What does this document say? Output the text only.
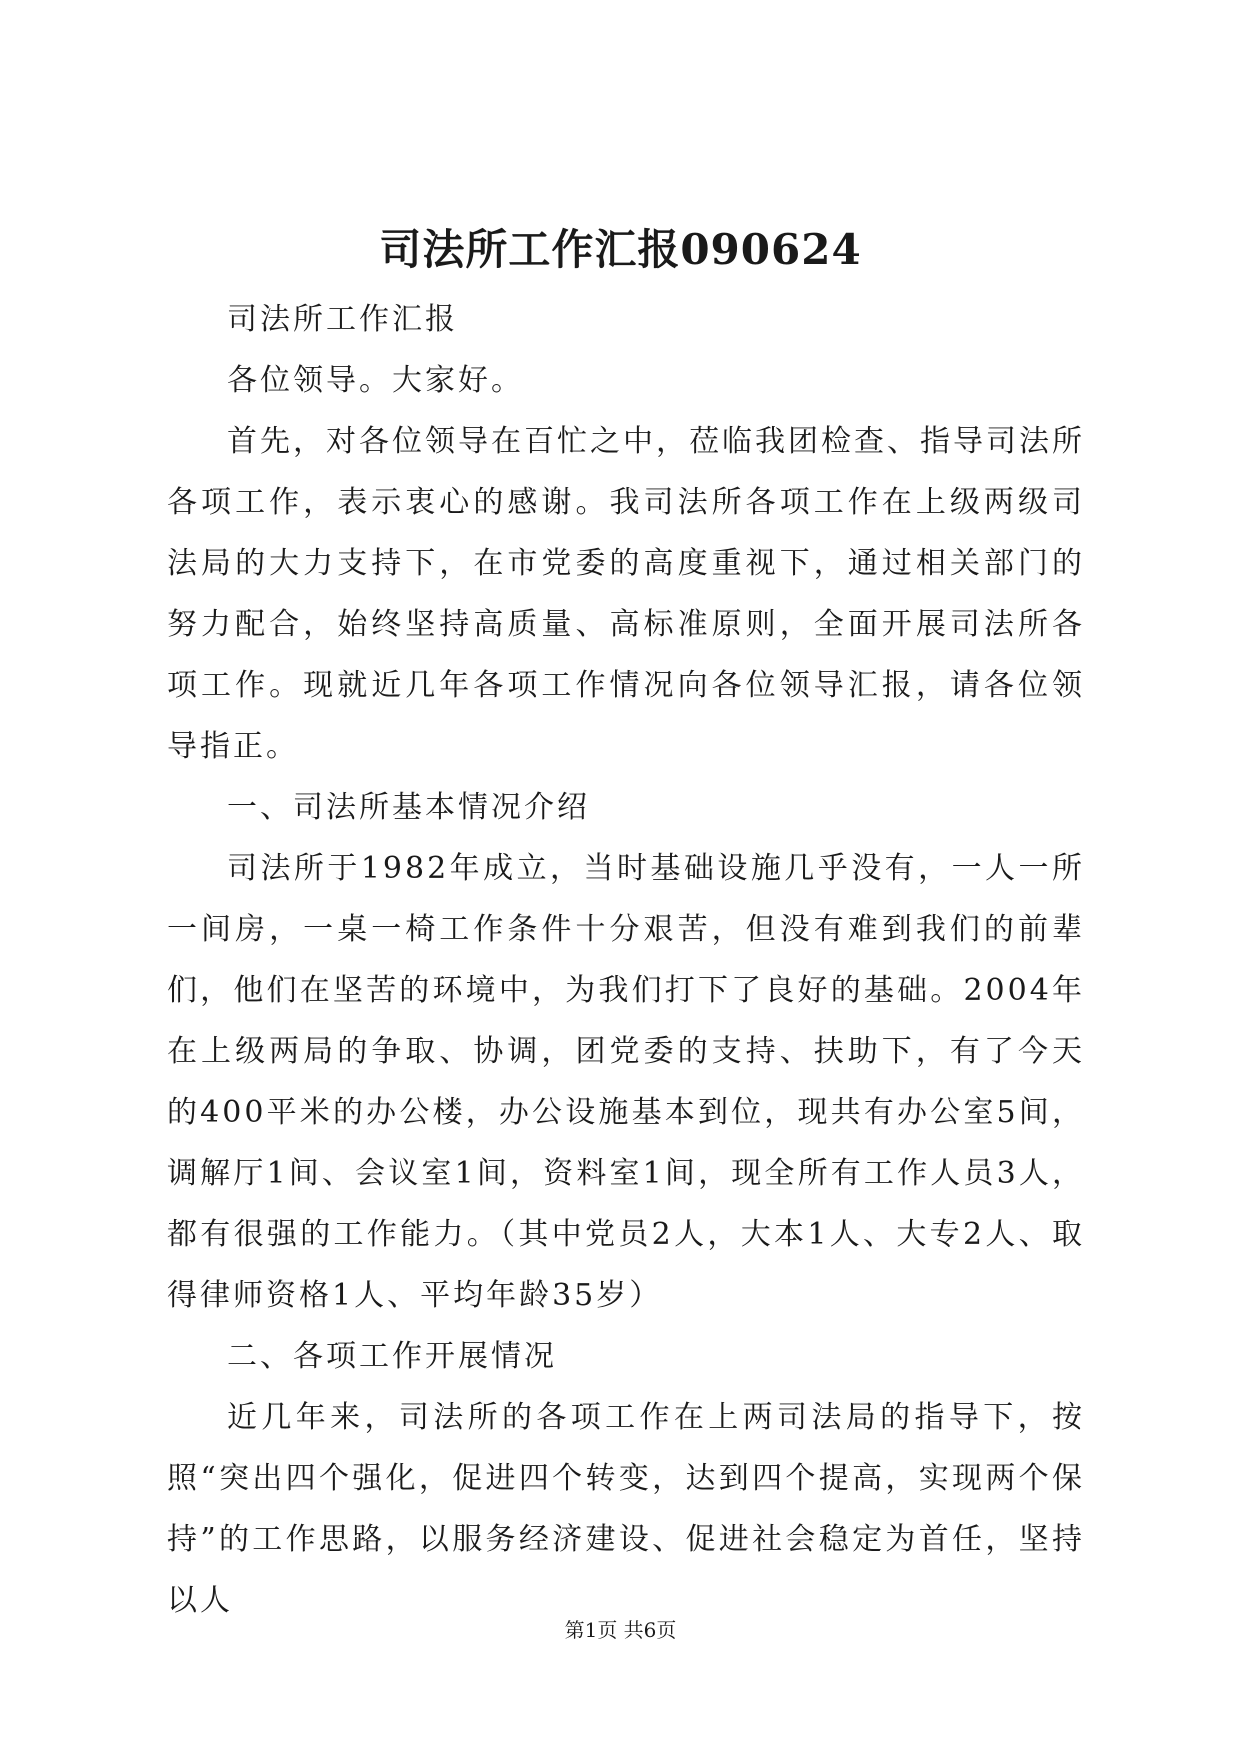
司法所工作汇报090624

司法所工作汇报

各位领导。大家好。

首先，对各位领导在百忙之中，莅临我团检查、指导司法所各项工作，表示衷心的感谢。我司法所各项工作在上级两级司法局的大力支持下，在市党委的高度重视下，通过相关部门的努力配合，始终坚持高质量、高标准原则，全面开展司法所各项工作。现就近几年各项工作情况向各位领导汇报，请各位领导指正。

一、司法所基本情况介绍

司法所于1982年成立，当时基础设施几乎没有，一人一所一间房，一桌一椅工作条件十分艰苦，但没有难到我们的前辈们，他们在坚苦的环境中，为我们打下了良好的基础。2004年在上级两局的争取、协调，团党委的支持、扶助下，有了今天的400平米的办公楼，办公设施基本到位，现共有办公室5间，调解厅1间、会议室1间，资料室1间，现全所有工作人员3人，都有很强的工作能力。（其中党员2人，大本1人、大专2人、取得律师资格1人、平均年龄35岁）

二、各项工作开展情况

近几年来，司法所的各项工作在上两司法局的指导下，按照“突出四个强化，促进四个转变，达到四个提高，实现两个保持”的工作思路，以服务经济建设、促进社会稳定为首任，坚持以人

第1页 共6页
